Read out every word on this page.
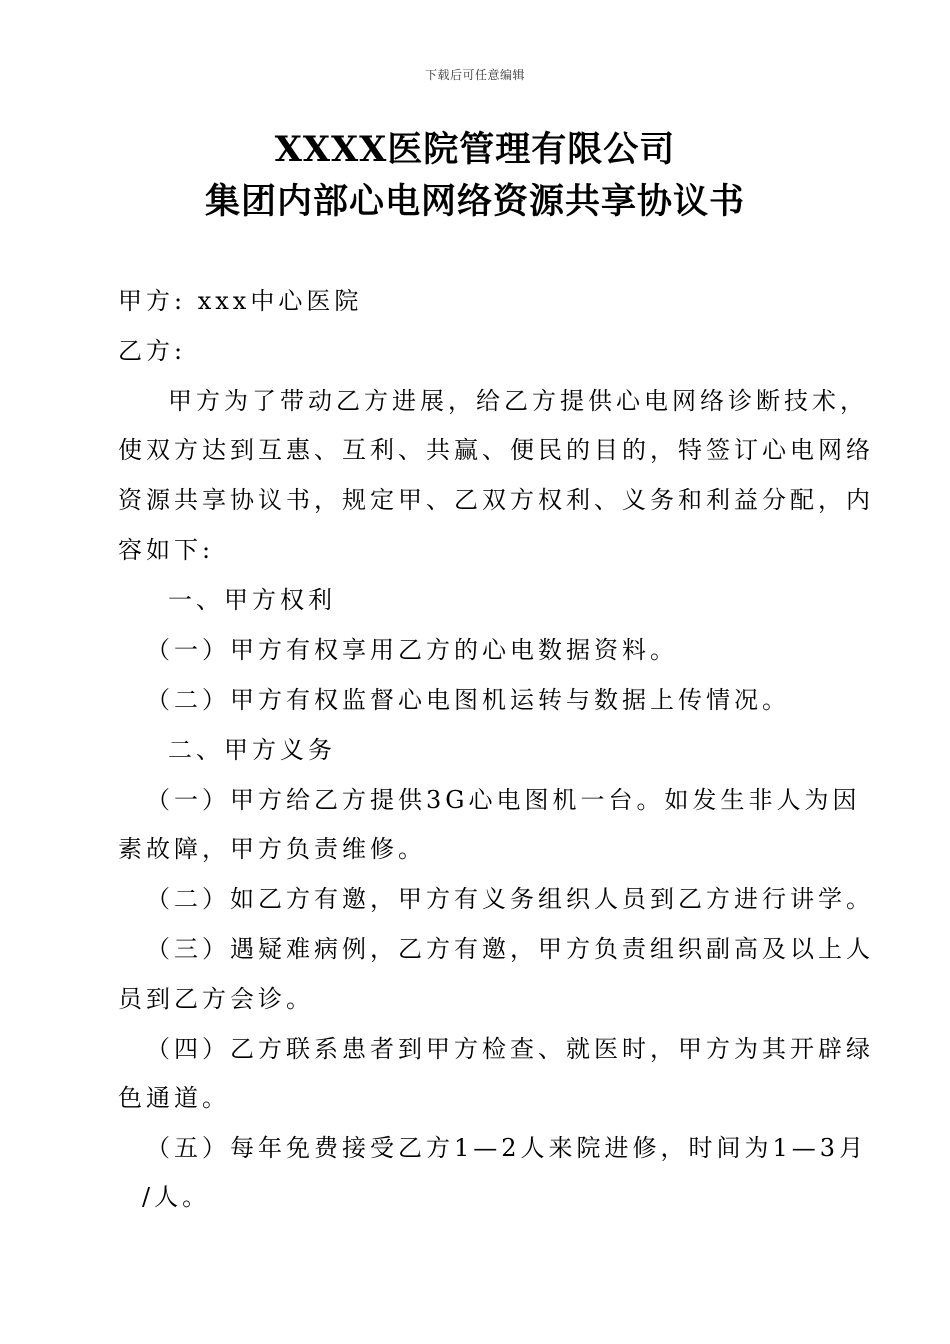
下载后可任意编辑
XXXX医院管理有限公司
集团内部心电网络资源共享协议书
甲方: xxx中心医院
乙方:
甲方为了带动乙方进展，给乙方提供心电网络诊断技术，
使双方达到互惠、互利、共赢、便民的目的，特签订心电网络
资源共享协议书，规定甲、乙双方权利、义务和利益分配，内
容如下:
一、甲方权利
（一）甲方有权享用乙方的心电数据资料。
（二）甲方有权监督心电图机运转与数据上传情况。
二、甲方义务
（一）甲方给乙方提供3G心电图机一台。如发生非人为因
素故障，甲方负责维修。
（二）如乙方有邀，甲方有义务组织人员到乙方进行讲学。
（三）遇疑难病例，乙方有邀，甲方负责组织副高及以上人
员到乙方会诊。
（四）乙方联系患者到甲方检查、就医时，甲方为其开辟绿
色通道。
（五）每年免费接受乙方1—2人来院进修，时间为1—3月
/人。
